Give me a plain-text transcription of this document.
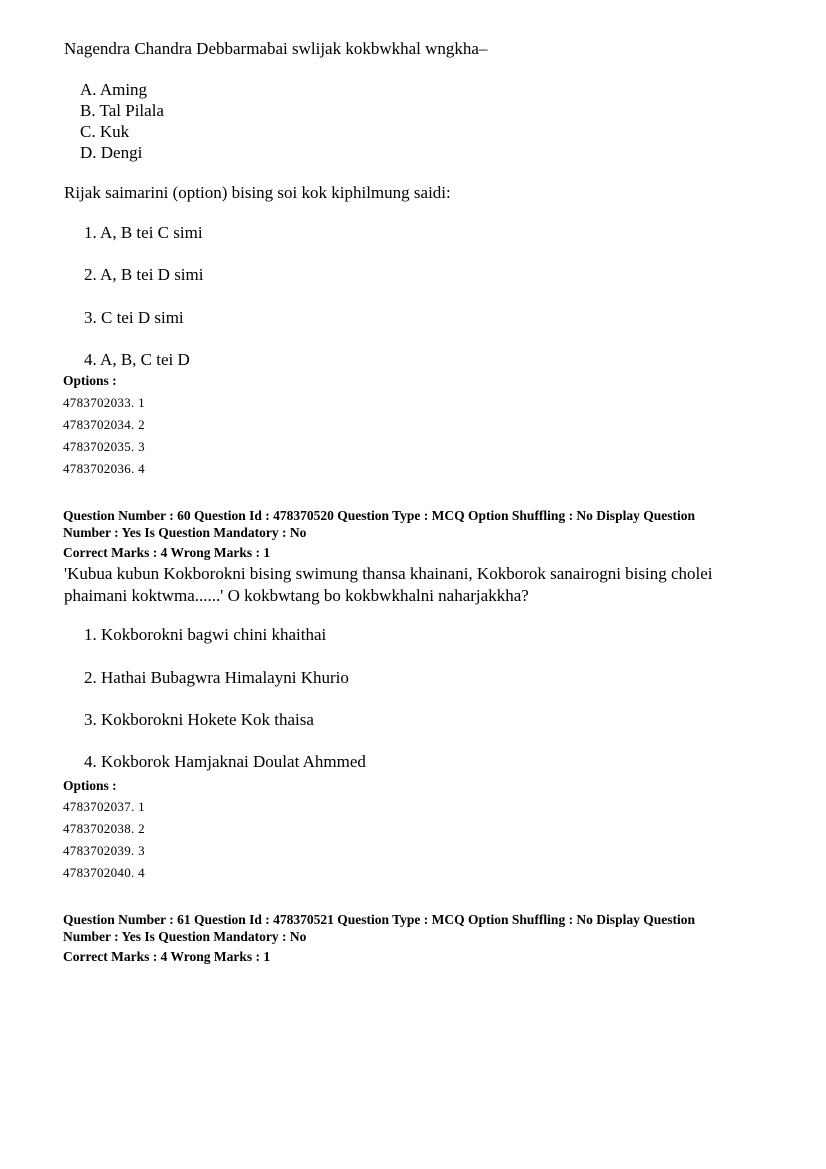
Nagendra Chandra Debbarmabai swlijak kokbwkhal wngkha–
A. Aming
B. Tal Pilala
C. Kuk
D. Dengi
Rijak saimarini (option) bising soi kok kiphilmung saidi:
1. A, B tei C simi
2. A, B tei D simi
3. C tei D simi
4. A, B, C tei D
Options :
4783702033. 1
4783702034. 2
4783702035. 3
4783702036. 4
Question Number : 60 Question Id : 478370520 Question Type : MCQ Option Shuffling : No Display Question
Number : Yes Is Question Mandatory : No
Correct Marks : 4 Wrong Marks : 1
'Kubua kubun Kokborokni bising swimung thansa khainani, Kokborok sanairogni bising cholei
phaimani koktwma......' O kokbwtang bo kokbwkhalni naharjakkha?
1. Kokborokni bagwi chini khaithai
2. Hathai Bubagwra Himalayni Khurio
3. Kokborokni Hokete Kok thaisa
4. Kokborok Hamjaknai Doulat Ahmmed
Options :
4783702037. 1
4783702038. 2
4783702039. 3
4783702040. 4
Question Number : 61 Question Id : 478370521 Question Type : MCQ Option Shuffling : No Display Question
Number : Yes Is Question Mandatory : No
Correct Marks : 4 Wrong Marks : 1
